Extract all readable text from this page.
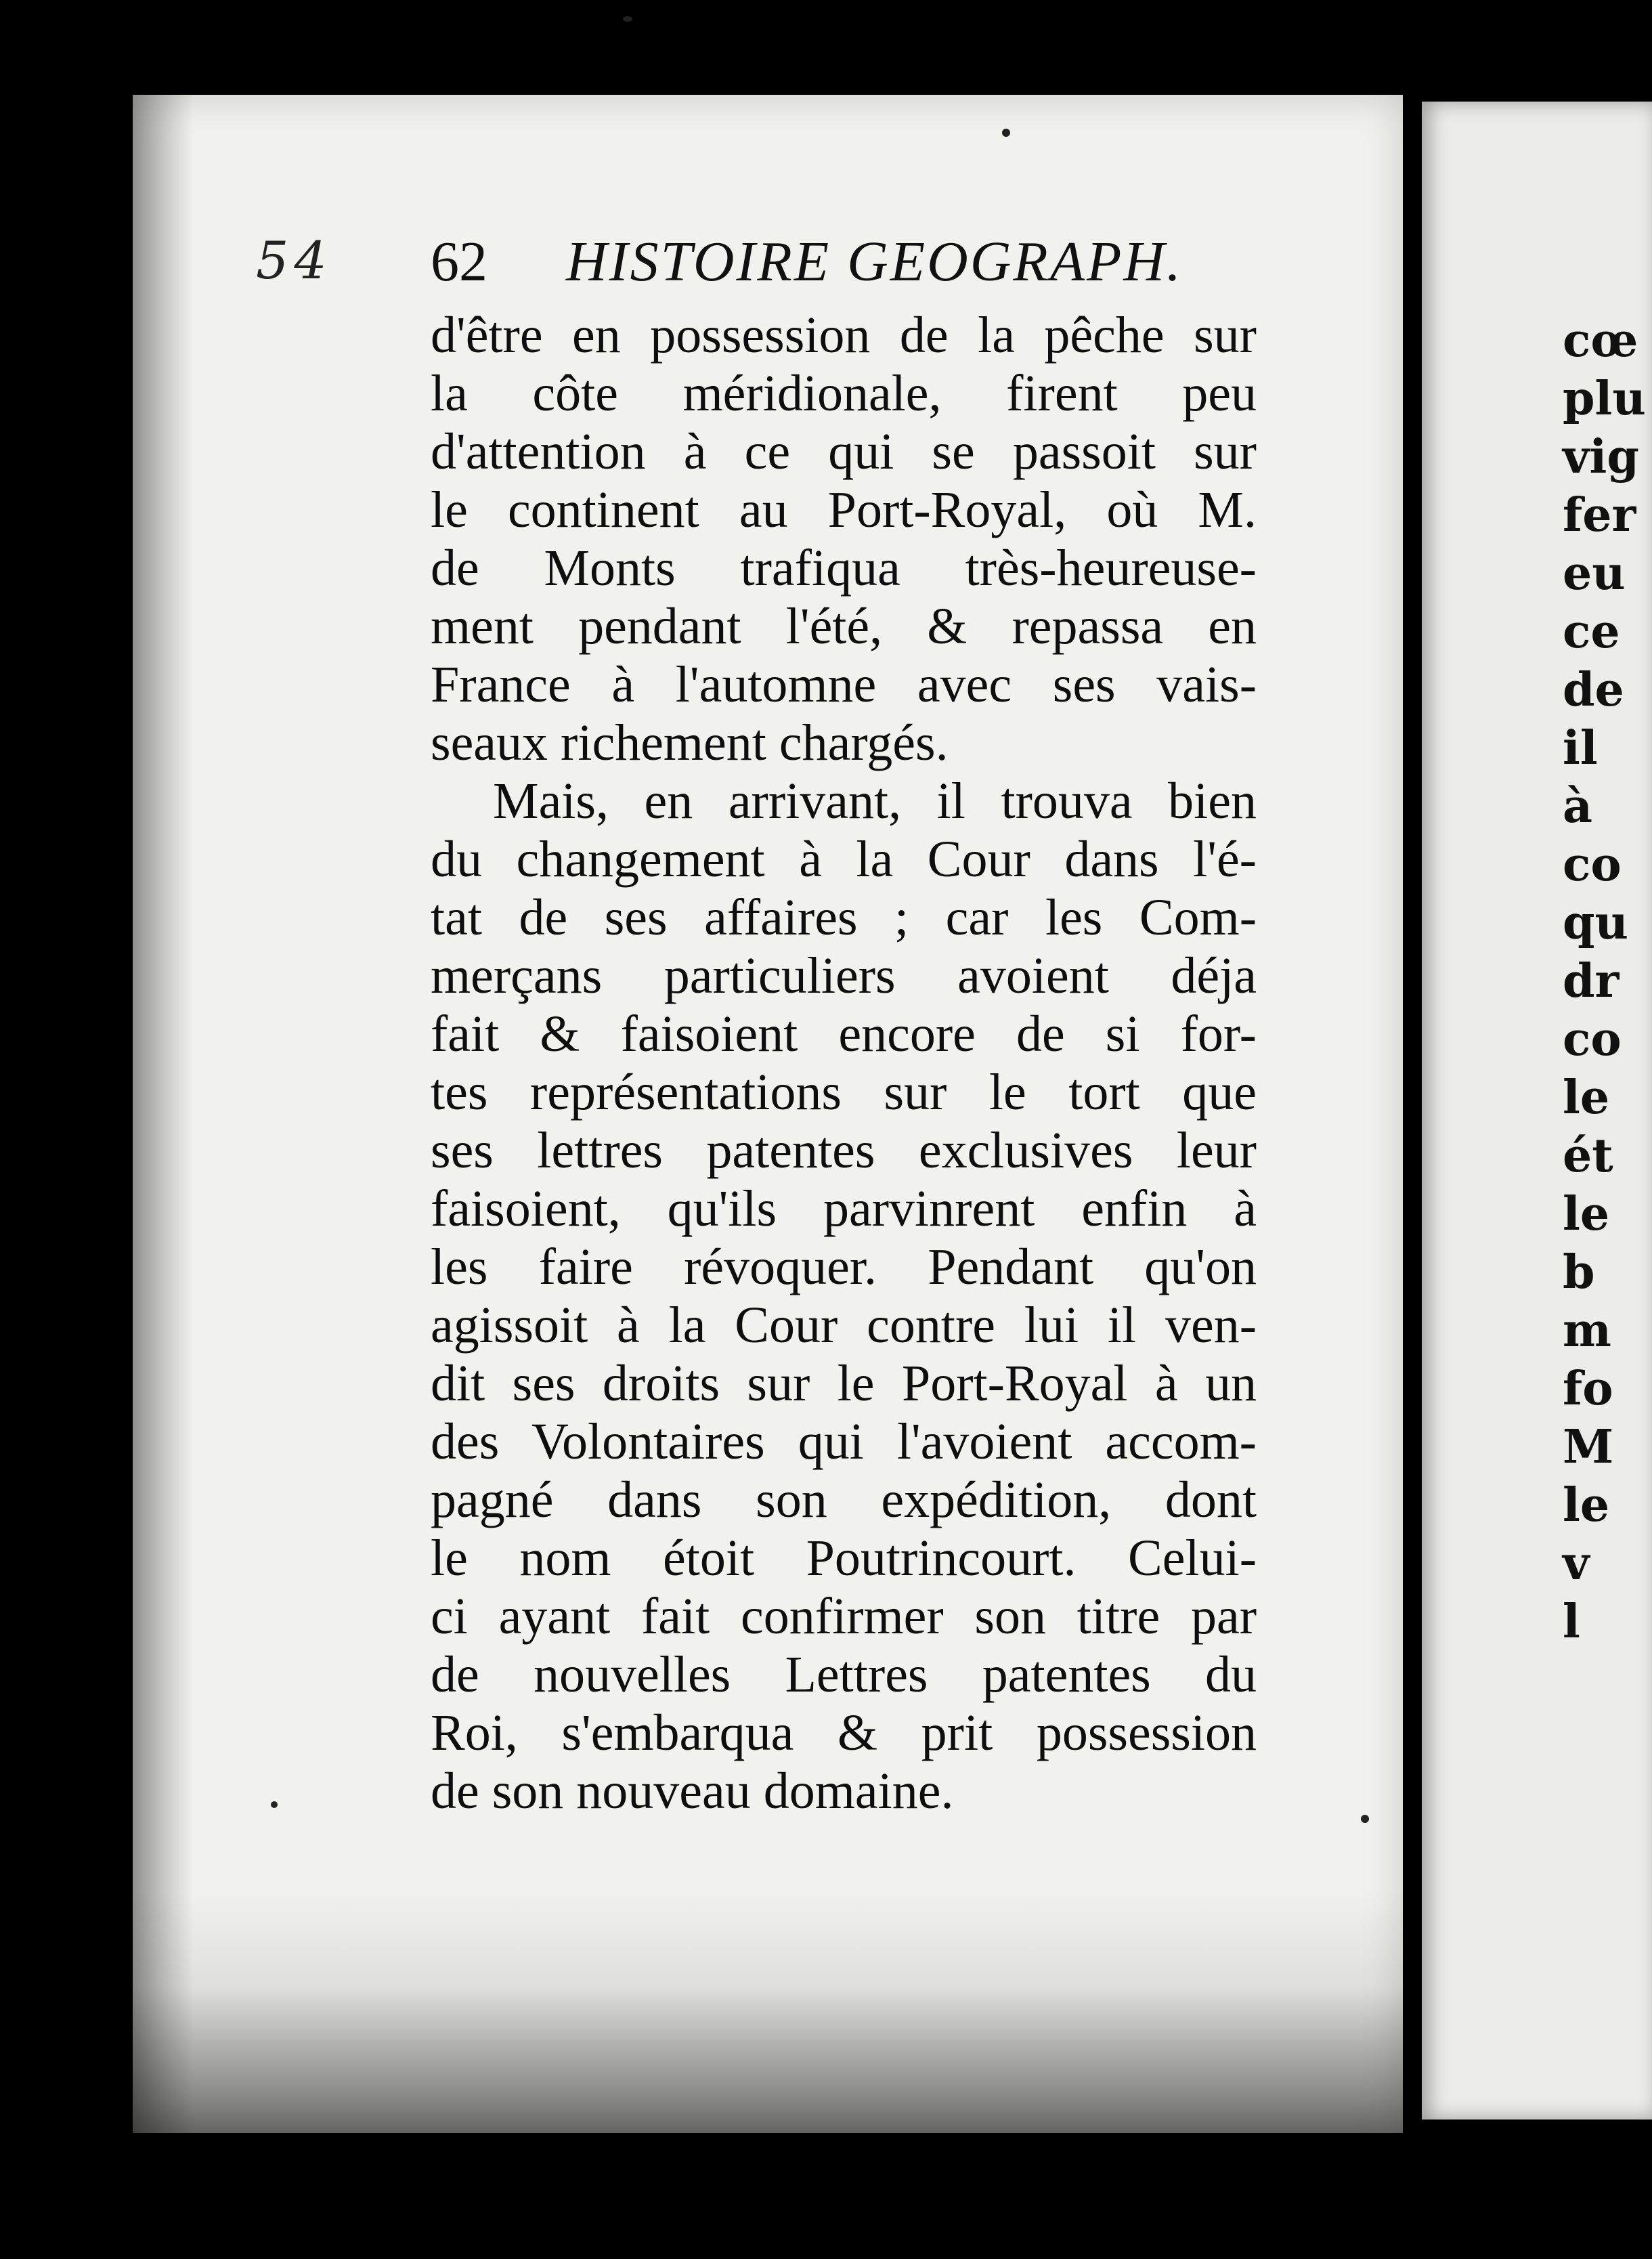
cœ
plu
vig
fer
eu
ce
de
il
à
co
qu
dr
co
le
ét
le
b
m
fo
M
le
v
l
54 62 HISTOIRE GEOGRAPH.
d'être en possession de la pêche sur
la côte méridionale, firent peu
d'attention à ce qui se passoit sur
le continent au Port-Royal, où M.
de Monts trafiqua très-heureuse-
ment pendant l'été, & repassa en
France à l'automne avec ses vais-
seaux richement chargés.
Mais, en arrivant, il trouva bien
du changement à la Cour dans l'é-
tat de ses affaires ; car les Com-
merçans particuliers avoient déja
fait & faisoient encore de si for-
tes représentations sur le tort que
ses lettres patentes exclusives leur
faisoient, qu'ils parvinrent enfin à
les faire révoquer. Pendant qu'on
agissoit à la Cour contre lui il ven-
dit ses droits sur le Port-Royal à un
des Volontaires qui l'avoient accom-
pagné dans son expédition, dont
le nom étoit Poutrincourt. Celui-
ci ayant fait confirmer son titre par
de nouvelles Lettres patentes du
Roi, s'embarqua & prit possession
de son nouveau domaine.
